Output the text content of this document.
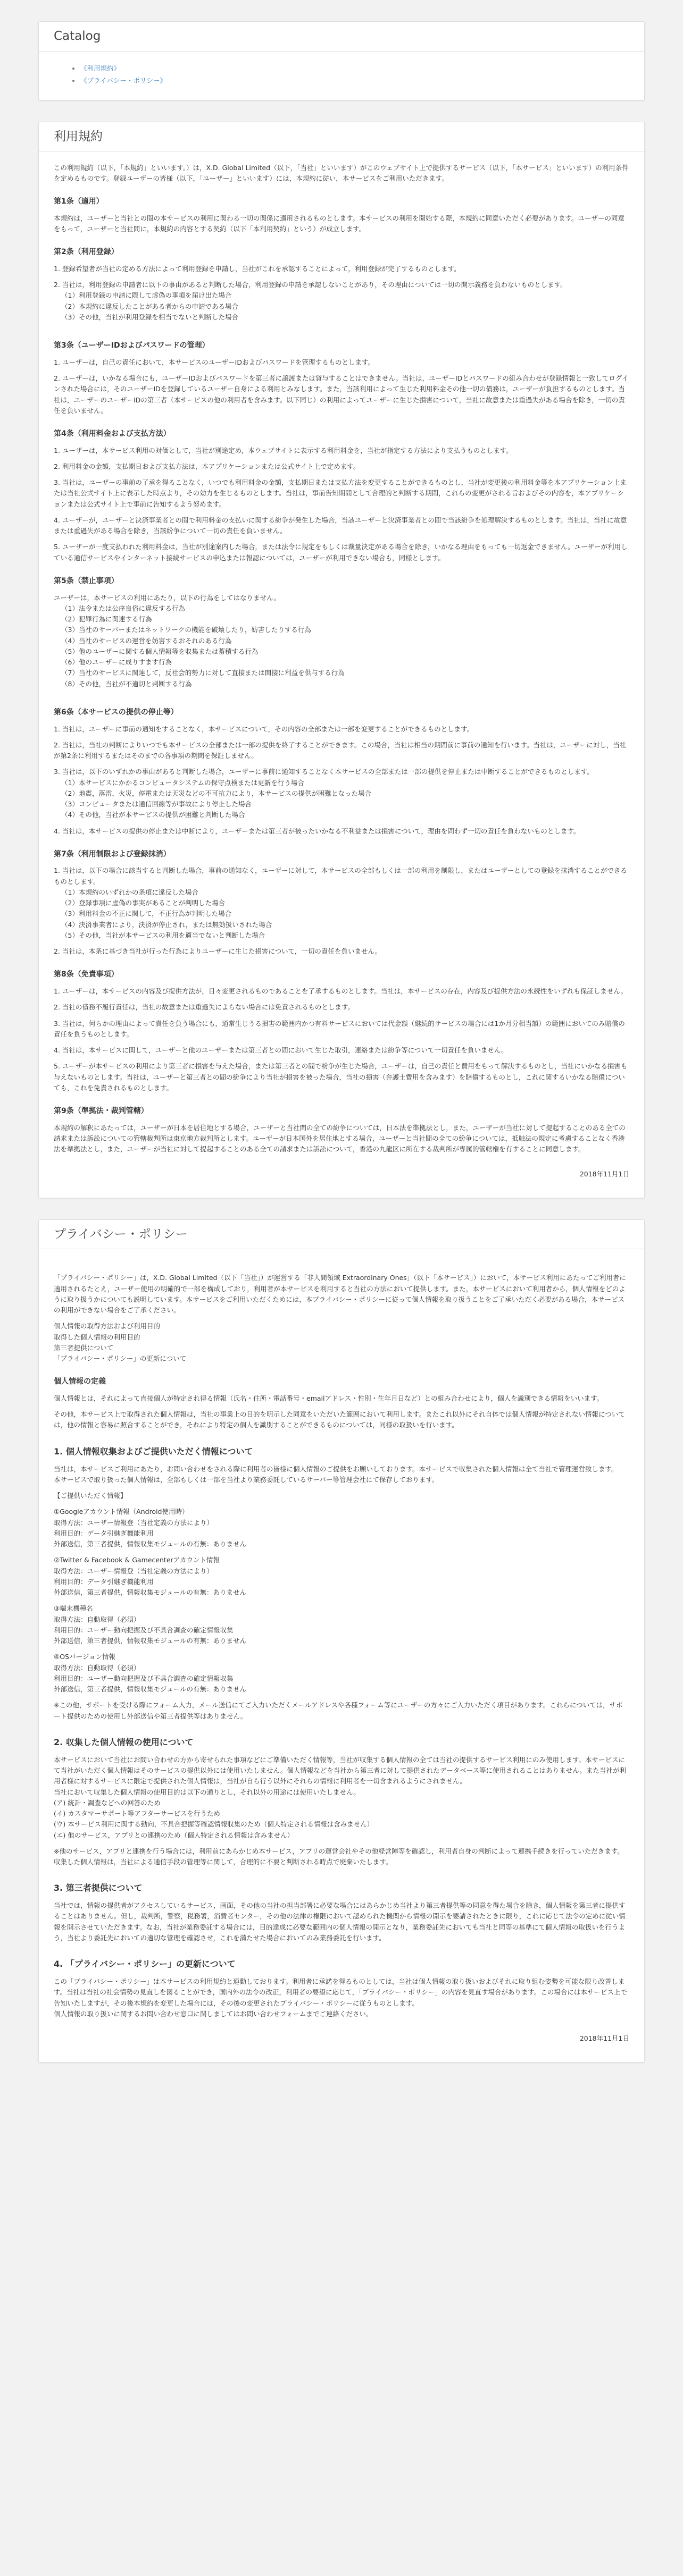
Catalog
• 《利用規約》
• 《プライバシー・ポリシー》
利用規約

この利用規約（以下，「本規約」といいます。）は，X.D. Global Limited（以下，「当社」といいます）がこのウェブサイト上で提供するサービス（以下，「本サービス」といいます）の利用条件を定めるものです。登録ユーザーの皆様（以下，「ユーザー」といいます）には，本規約に従い，本サービスをご利用いただきます。

第1条（適用）

本規約は，ユーザーと当社との間の本サービスの利用に関わる一切の関係に適用されるものとします。本サービスの利用を開始する際，本規約に同意いただく必要があります。ユーザーの同意をもって，ユーザーと当社間に，本規約の内容とする契約（以下「本利用契約」という）が成立します。

第2条（利用登録）

1. 登録希望者が当社の定める方法によって利用登録を申請し，当社がこれを承認することによって，利用登録が完了するものとします。

2. 当社は，利用登録の申請者に以下の事由があると判断した場合，利用登録の申請を承認しないことがあり，その理由については一切の開示義務を負わないものとします。

（1）利用登録の申請に際して虚偽の事項を届け出た場合

（2）本規約に違反したことがある者からの申請である場合

（3）その他，当社が利用登録を相当でないと判断した場合

第3条（ユーザーIDおよびパスワードの管理）

1. ユーザーは，自己の責任において，本サービスのユーザーIDおよびパスワードを管理するものとします。

2. ユーザーは，いかなる場合にも，ユーザーIDおよびパスワードを第三者に譲渡または貸与することはできません。当社は，ユーザーIDとパスワードの組み合わせが登録情報と一致してログインされた場合には，そのユーザーIDを登録しているユーザー自身による利用とみなします。また，当該利用によって生じた利用料金その他一切の債務は，ユーザーが負担するものとします。当社は，ユーザーのユーザーIDの第三者（本サービスの他の利用者を含みます。以下同じ）の利用によってユーザーに生じた損害について，当社に故意または重過失がある場合を除き，一切の責任を負いません。

第4条（利用料金および支払方法）

1. ユーザーは，本サービス利用の対価として，当社が別途定め，本ウェブサイトに表示する利用料金を，当社が指定する方法により支払うものとします。

2. 利用料金の金額，支払期日および支払方法は，本アプリケーションまたは公式サイト上で定めます。

3. 当社は，ユーザーの事前の了承を得ることなく，いつでも利用料金の金額，支払期日または支払方法を変更することができるものとし，当社が変更後の利用料金等を本アプリケーション上または当社公式サイト上に表示した時点より，その効力を生じるものとします。当社は，事前告知期間として合理的と判断する期間，これらの変更がされる旨およびその内容を，本アプリケーションまたは公式サイト上で事前に告知するよう努めます。

4. ユーザーが，ユーザーと決済事業者との間で利用料金の支払いに関する紛争が発生した場合，当該ユーザーと決済事業者との間で当該紛争を処理解決するものとします。当社は，当社に故意または重過失がある場合を除き，当該紛争について一切の責任を負いません。

5. ユーザーが一度支払われた利用料金は，当社が別途案内した場合，または法令に規定をもしくは裁量決定がある場合を除き，いかなる理由をもっても一切返金できません。ユーザーが利用している通信サービスやインターネット接続サービスの申込または報認については，ユーザーが利用できない場合も，同様とします。

第5条（禁止事項）

ユーザーは，本サービスの利用にあたり，以下の行為をしてはなりません。

（1）法令または公序良俗に違反する行為

（2）犯罪行為に関連する行為

（3）当社のサーバーまたはネットワークの機能を破壊したり，妨害したりする行為

（4）当社のサービスの運営を妨害するおそれのある行為

（5）他のユーザーに関する個人情報等を収集または蓄積する行為

（6）他のユーザーに成りすます行為

（7）当社のサービスに関連して，反社会的勢力に対して直接または間接に利益を供与する行為

（8）その他，当社が不適切と判断する行為

第6条（本サービスの提供の停止等）

1. 当社は，ユーザーに事前の通知をすることなく，本サービスについて，その内容の全部または一部を変更することができるものとします。

2. 当社は，当社の判断によりいつでも本サービスの全部または一部の提供を終了することができます。この場合，当社は相当の期間前に事前の通知を行います。当社は，ユーザーに対し，当社が第2条に利用するまたはそのまでの各事項の期間を保証しません。

3. 当社は，以下のいずれかの事由があると判断した場合，ユーザーに事前に通知することなく本サービスの全部または一部の提供を停止または中断することができるものとします。

（1）本サービスにかかるコンピュータシステムの保守点検または更新を行う場合

（2）地震，落雷，火災，停電または天災などの不可抗力により，本サービスの提供が困難となった場合

（3）コンピュータまたは通信回線等が事故により停止した場合

（4）その他，当社が本サービスの提供が困難と判断した場合

4. 当社は，本サービスの提供の停止または中断により，ユーザーまたは第三者が被ったいかなる不利益または損害について，理由を問わず一切の責任を負わないものとします。

第7条（利用制限および登録抹消）

1. 当社は，以下の場合に該当すると判断した場合，事前の通知なく，ユーザーに対して，本サービスの全部もしくは一部の利用を制限し，またはユーザーとしての登録を抹消することができるものとします。

（1）本規約のいずれかの条項に違反した場合

（2）登録事項に虚偽の事実があることが判明した場合

（3）利用料金の不正に関して，不正行為が判明した場合

（4）決済事業者により，決済が停止され，または無効扱いされた場合

（5）その他，当社が本サービスの利用を適当でないと判断した場合

2. 当社は，本条に基づき当社が行った行為によりユーザーに生じた損害について，一切の責任を負いません。

第8条（免責事項）

1. ユーザーは，本サービスの内容及び提供方法が，日々変更されるものであることを了承するものとします。当社は，本サービスの存在，内容及び提供方法の永続性をいずれも保証しません。

2. 当社の債務不履行責任は，当社の故意または重過失によらない場合には免責されるものとします。

3. 当社は，何らかの理由によって責任を負う場合にも，通常生じうる損害の範囲内かつ有料サービスにおいては代金額（継続的サービスの場合には1か月分相当額）の範囲においてのみ賠償の責任を負うものとします。

4. 当社は，本サービスに関して，ユーザーと他のユーザーまたは第三者との間において生じた取引，連絡または紛争等について一切責任を負いません。

5. ユーザーが本サービスの利用により第三者に損害を与えた場合，または第三者との間で紛争が生じた場合，ユーザーは，自己の責任と費用をもって解決するものとし，当社にいかなる損害も与えないものとします。当社は，ユーザーと第三者との間の紛争により当社が損害を被った場合，当社の損害（弁護士費用を含みます）を賠償するものとし，これに関するいかなる賠償についても，これを免責されるものとします。

第9条（準拠法・裁判管轄）

本規約の解釈にあたっては，ユーザーが日本を居住地とする場合，ユーザーと当社間の全ての紛争については，日本法を準拠法とし，また，ユーザーが当社に対して提起することのある全ての請求または訴訟についての管轄裁判所は東京地方裁判所とします。ユーザーが日本国外を居住地とする場合，ユーザーと当社間の全ての紛争については，抵触法の規定に考慮することなく香港法を準拠法とし，また，ユーザーが当社に対して提起することのある全ての請求または訴訟について，香港の九龍区に所在する裁判所が専属的管轄権を有することに同意します。

2018年11月1日

プライバシー・ポリシー

「プライバシー・ポリシー」は，X.D. Global Limited（以下「当社」）が運営する「非人間領域 Extraordinary Ones」（以下「本サービス」）において，本サービス利用にあたってご利用者に適用されるたとえ，ユーザー使用の明確的で一部を構成しており，利用者が本サービスを利用すると当社の方法において提供します。また，本サービスにおいて利用者から，個人情報をどのように取り扱うかについても説明しています。本サービスをご利用いただくためには，本プライバシー・ポリシーに従って個人情報を取り扱うことをご了承いただく必要がある場合，本サービスの利用ができない場合をご了承ください。

個人情報の取得方法および利用目的

取得した個人情報の利用目的

第三者提供について

「プライバシー・ポリシー」の更新について

個人情報の定義

個人情報とは，それによって直接個人が特定され得る情報（氏名・住所・電話番号・emailアドレス・性別・生年月日など）との組み合わせにより，個人を識別できる情報をいいます。

その他，本サービス上で取得された個人情報は，当社の事業上の目的を明示した同意をいただいた範囲において利用します。またこれ以外にそれ自体では個人情報が特定されない情報については，他の情報と容易に照合することができ，それにより特定の個人を識別することができるものについては，同様の取扱いを行います。

1. 個人情報収集およびご提供いただく情報について

当社は，本サービスご利用にあたり，お問い合わせをされる際に利用者の皆様に個人情報のご提供をお願いしております。本サービスで収集された個人情報は全て当社で管理運営致します。

本サービスで取り扱った個人情報は，全部もしくは一部を当社より業務委託しているサーバー等管理会社にて保存しております。

【ご提供いただく情報】

①Googleアカウント情報（Android使用時）

取得方法：ユーザー情報登（当社定義の方法により）

利用目的：データ引継ぎ機能利用

外部送信，第三者提供，情報収集モジュールの有無：ありません

②Twitter & Facebook & Gamecenterアカウント情報

取得方法：ユーザー情報登（当社定義の方法により）

利用目的：データ引継ぎ機能利用

外部送信，第三者提供，情報収集モジュールの有無：ありません

③端末機種名

取得方法：自動取得（必須）

利用目的：ユーザー動向把握及び不具合調査の確定情報収集

外部送信，第三者提供，情報収集モジュールの有無：ありません

④OSバージョン情報

取得方法：自動取得（必須）

利用目的：ユーザー動向把握及び不具合調査の確定情報収集

外部送信，第三者提供，情報収集モジュールの有無：ありません

※この他，サポートを受ける際にフォーム入力，メール送信にてご入力いただくメールアドレスや各種フォーム等にユーザーの方々にご入力いただく項目があります。これらについては，サポート提供のための使用し外部送信や第三者提供等はありません。

2. 収集した個人情報の使用について

本サービスにおいて当社にお問い合わせの方から寄せられた事項などにご準備いただく情報等，当社が収集する個人情報の全ては当社の提供するサービス利用にのみ使用します。本サービスにて当社がいただく個人情報はそのサービスの提供以外には使用いたしません。個人情報などを当社から第三者に対して提供されたデータベース等に使用されることはありません。また当社が利用者様に対するサービスに限定で提供された個人情報は，当社が自ら行う以外にそれらの情報に利用者を一切含まれるようにされません。

当社において収集した個人情報の使用目的は以下の通りとし，それ以外の用途には使用いたしません。

(ア) 統計・調査などへの回答のため

(イ) カスタマーサポート等アフターサービスを行うため

(ウ) 本サービス利用に関する動向，不具合把握等確認情報収集のため（個人特定される情報は含みません）

(エ) 他のサービス，アプリとの連携のため（個人特定される情報は含みません）

※他のサービス，アプリと連携を行う場合には，利用前にあらかじめ本サービス，アプリの運営会社やその他経営陣等を確認し，利用者自身の判断によって連携手続きを行っていただきます。

収集した個人情報は，当社による通信手段の管理等に関して，合理的に不要と判断される時点で廃棄いたします。

3. 第三者提供について

当社では，情報の提供者がアクセスしているサービス，画面，その他の当社の担当部署に必要な場合にはあらかじめ当社より第三者提供等の同意を得た場合を除き，個人情報を第三者に提供することはありません。但し，裁判所，警察，税務署，消費者センター，その他の法律の権限において認められた機関から情報の開示を要請されたときに限り，これに応じて法令の定めに従い情報を開示させていただきます。なお，当社が業務委託する場合には，目的達成に必要な範囲内の個人情報の開示となり，業務委託先においても当社と同等の基準にて個人情報の取扱いを行うよう，当社より委託先においての適切な管理を確認させ，これを満たせた場合においてのみ業務委託を行います。

4. 「プライバシー・ポリシー」の更新について

この「プライバシー・ポリシー」は本サービスの利用規約と連動しております。利用者に承諾を得るものとしては，当社は個人情報の取り扱いおよびそれに取り組む姿勢を可能な限り改善します。当社は当社の社会情勢の見直しを図ることができ，国内外の法令の改正，利用者の要望に応じて，「プライバシー・ポリシー」の内容を見直す場合があります。この場合には本サービス上で告知いたしますが，その後本規約を変更した場合には，その後の変更されたプライバシー・ポリシーに従うものとします。

個人情報の取り扱いに関するお問い合わせ窓口に関しましてはお問い合わせフォームまでご連絡ください。

2018年11月1日
